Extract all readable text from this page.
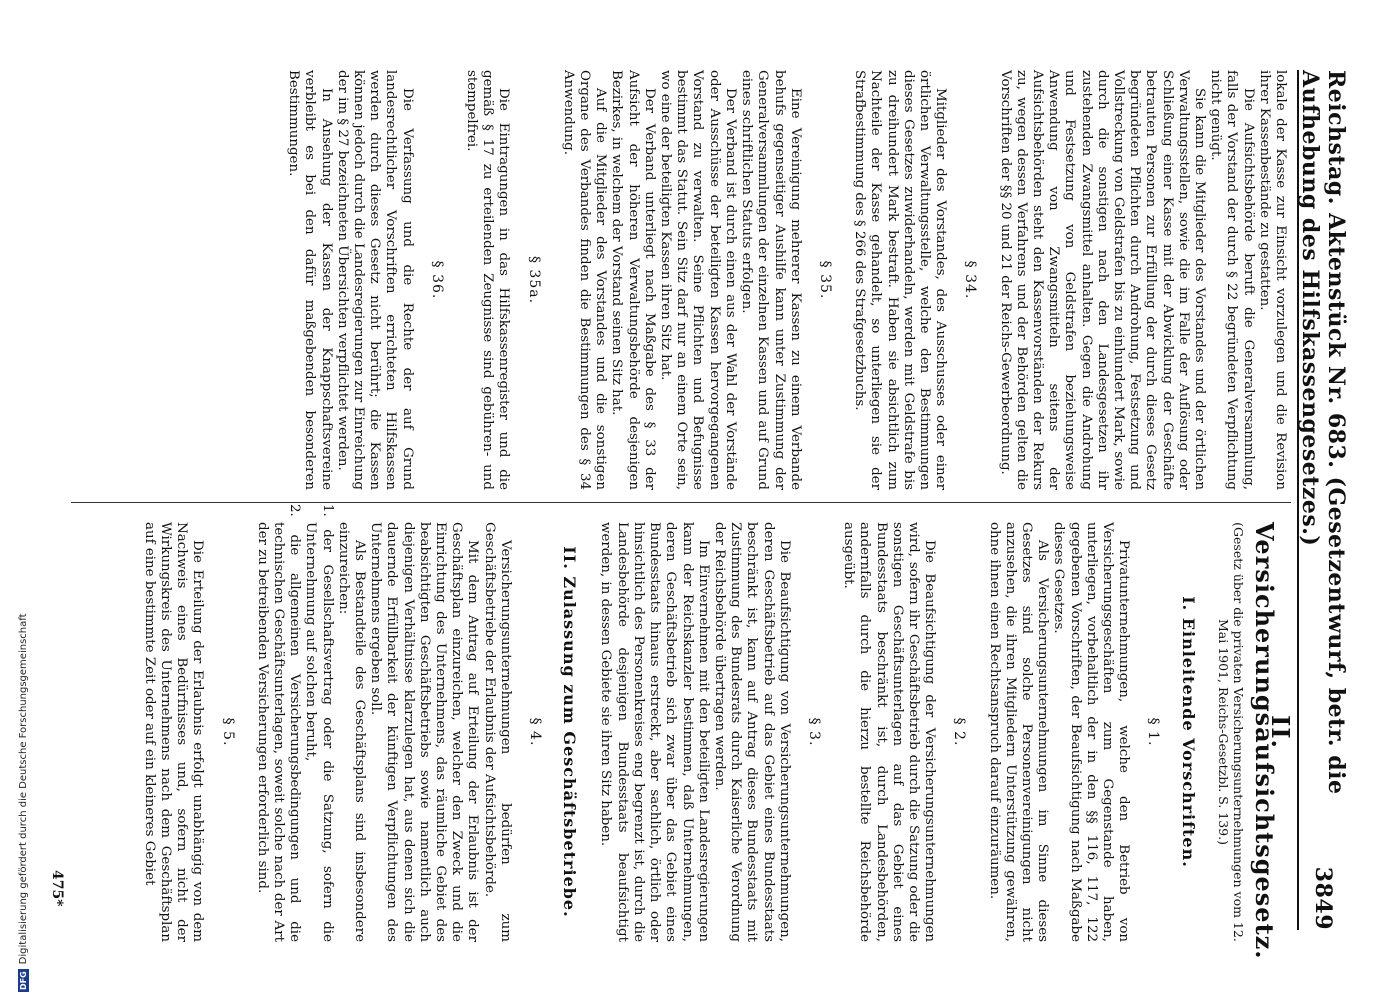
Reichstag. Aktenstück Nr. 683. (Gesetzentwurf, betr. die Aufhebung des Hilfskassengesetzes.)
3849

lokale der Kasse zur Einsicht vorzulegen und die Revision ihrer Kassenbestände zu gestatten.

Die Aufsichtsbehörde beruft die Generalversammlung, falls der Vorstand der durch § 22 begründeten Verpflichtung nicht genügt.

Sie kann die Mitglieder des Vorstandes und der örtlichen Verwaltungsstellen, sowie die im Falle der Auflösung oder Schließung einer Kasse mit der Abwicklung der Geschäfte betrauten Personen zur Erfüllung der durch dieses Gesetz begründeten Pflichten durch Androhung, Festsetzung und Vollstreckung von Geldstrafen bis zu einhundert Mark, sowie durch die sonstigen nach den Landesgesetzen ihr zustehenden Zwangsmittel anhalten. Gegen die Androhung und Festsetzung von Geldstrafen beziehungsweise Anwendung von Zwangsmitteln seitens der Aufsichtsbehörden steht den Kassenvorständen der Rekurs zu, wegen dessen Verfahrens und der Behörden gelten die Vorschriften der §§ 20 und 21 der Reichs-Gewerbeordnung.

§ 34.

Mitglieder des Vorstandes, des Ausschusses oder einer örtlichen Verwaltungsstelle, welche den Bestimmungen dieses Gesetzes zuwiderhandeln, werden mit Geldstrafe bis zu dreihundert Mark bestraft. Haben sie absichtlich zum Nachteile der Kasse gehandelt, so unterliegen sie der Strafbestimmung des § 266 des Strafgesetzbuchs.

§ 35.

Eine Vereinigung mehrerer Kassen zu einem Verbande behufs gegenseitiger Aushilfe kann unter Zustimmung der Generalversammlungen der einzelnen Kassen und auf Grund eines schriftlichen Statuts erfolgen.

Der Verband ist durch einen aus der Wahl der Vorstände oder Ausschüsse der beteiligten Kassen hervorgegangenen Vorstand zu verwalten. Seine Pflichten und Befugnisse bestimmt das Statut. Sein Sitz darf nur an einem Orte sein, wo eine der beteiligten Kassen ihren Sitz hat.

Der Verband unterliegt nach Maßgabe des § 33 der Aufsicht der höheren Verwaltungsbehörde desjenigen Bezirkes, in welchem der Vorstand seinen Sitz hat.

Auf die Mitglieder des Vorstandes und die sonstigen Organe des Verbandes finden die Bestimmungen des § 34 Anwendung.

§ 35a.

Die Eintragungen in das Hilfskassenregister und die gemäß § 17 zu erteilenden Zeugnisse sind gebühren- und stempelfrei.

§ 36.

Die Verfassung und die Rechte der auf Grund landesrechtlicher Vorschriften errichteten Hilfskassen werden durch dieses Gesetz nicht berührt; die Kassen können jedoch durch die Landesregierungen zur Einreichung der im § 27 bezeichneten Übersichten verpflichtet werden.

In Ansehung der Kassen der Knappschaftsvereine verbleibt es bei den dafür maßgebenden besonderen Bestimmungen.

II. Versicherungsaufsichtsgesetz.
(Gesetz über die privaten Versicherungsunternehmungen vom 12. Mai 1901, Reichs-Gesetzbl. S. 139.)
I. Einleitende Vorschriften.
§ 1.

Privatunternehmungen, welche den Betrieb von Versicherungsgeschäften zum Gegenstande haben, unterliegen, vorbehaltlich der in den §§ 116, 117, 122 gegebenen Vorschriften, der Beaufsichtigung nach Maßgabe dieses Gesetzes.

Als Versicherungsunternehmungen im Sinne dieses Gesetzes sind solche Personenvereinigungen nicht anzusehen, die ihren Mitgliedern Unterstützung gewähren, ohne ihnen einen Rechtsanspruch darauf einzuräumen.

§ 2.

Die Beaufsichtigung der Versicherungsunternehmungen wird, sofern ihr Geschäftsbetrieb durch die Satzung oder die sonstigen Geschäftsunterlagen auf das Gebiet eines Bundesstaats beschränkt ist, durch Landesbehörden, andernfalls durch die hierzu bestellte Reichsbehörde ausgeübt.

§ 3.

Die Beaufsichtigung von Versicherungsunternehmungen, deren Geschäftsbetrieb auf das Gebiet eines Bundesstaats beschränkt ist, kann auf Antrag dieses Bundesstaats mit Zustimmung des Bundesrats durch Kaiserliche Verordnung der Reichsbehörde übertragen werden.

Im Einvernehmen mit den beteiligten Landesregierungen kann der Reichskanzler bestimmen, daß Unternehmungen, deren Geschäftsbetrieb sich zwar über das Gebiet eines Bundesstaats hinaus erstreckt, aber sachlich, örtlich oder hinsichtlich des Personenkreises eng begrenzt ist, durch die Landesbehörde desjenigen Bundesstaats beaufsichtigt werden, in dessen Gebiete sie ihren Sitz haben.

II. Zulassung zum Geschäftsbetriebe.
§ 4.

Versicherungsunternehmungen bedürfen zum Geschäftsbetriebe der Erlaubnis der Aufsichtsbehörde.

Mit dem Antrag auf Erteilung der Erlaubnis ist der Geschäftsplan einzureichen, welcher den Zweck und die Einrichtung des Unternehmens, das räumliche Gebiet des beabsichtigten Geschäftsbetriebs sowie namentlich auch diejenigen Verhältnisse klarzulegen hat, aus denen sich die dauernde Erfüllbarkeit der künftigen Verpflichtungen des Unternehmens ergeben soll.

Als Bestandteile des Geschäftsplans sind insbesondere einzureichen:

1. der Gesellschaftsvertrag oder die Satzung, sofern die Unternehmung auf solchen beruht,

2. die allgemeinen Versicherungsbedingungen und die technischen Geschäftsunterlagen, soweit solche nach der Art der zu betreibenden Versicherungen erforderlich sind.

§ 5.

Die Erteilung der Erlaubnis erfolgt unabhängig von dem Nachweis eines Bedürfnisses und, sofern nicht der Wirkungskreis des Unternehmens nach dem Geschäftsplan auf eine bestimmte Zeit oder auf ein kleineres Gebiet

475*
DFG
Digitalisierung gefördert durch die Deutsche Forschungsgemeinschaft
